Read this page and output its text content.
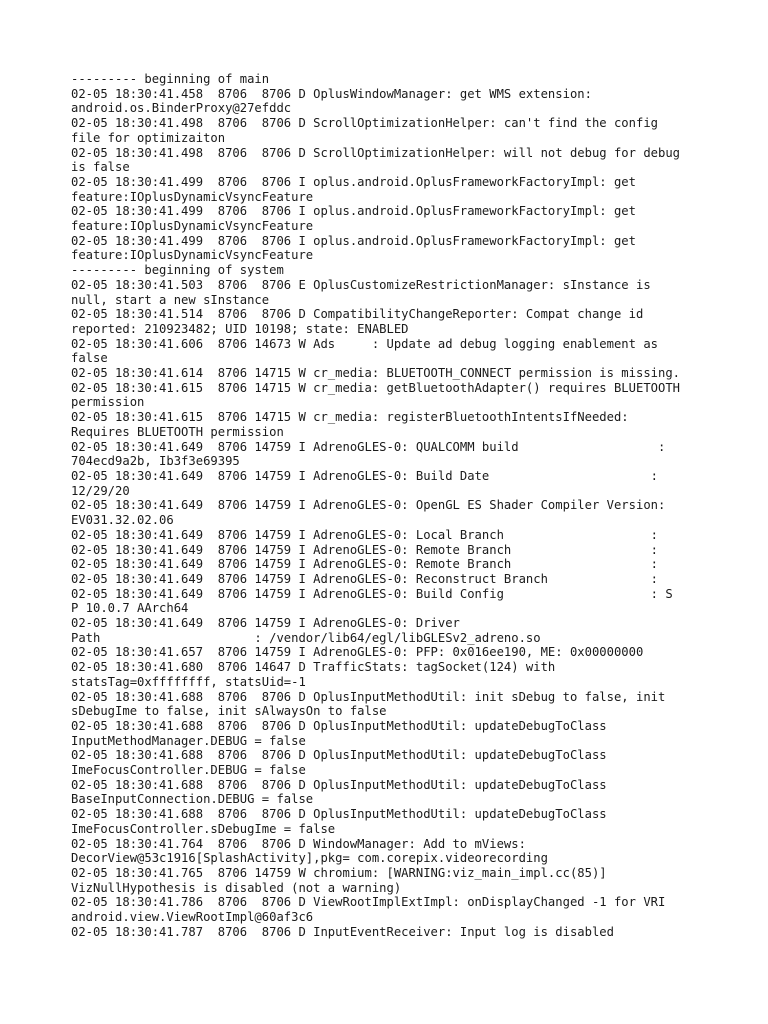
--------- beginning of main

02-05 18:30:41.458  8706  8706 D OplusWindowManager: get WMS extension:

android.os.BinderProxy@27efddc

02-05 18:30:41.498  8706  8706 D ScrollOptimizationHelper: can't find the config

file for optimizaiton

02-05 18:30:41.498  8706  8706 D ScrollOptimizationHelper: will not debug for debug

is false

02-05 18:30:41.499  8706  8706 I oplus.android.OplusFrameworkFactoryImpl: get

feature:IOplusDynamicVsyncFeature

02-05 18:30:41.499  8706  8706 I oplus.android.OplusFrameworkFactoryImpl: get

feature:IOplusDynamicVsyncFeature

02-05 18:30:41.499  8706  8706 I oplus.android.OplusFrameworkFactoryImpl: get

feature:IOplusDynamicVsyncFeature

--------- beginning of system

02-05 18:30:41.503  8706  8706 E OplusCustomizeRestrictionManager: sInstance is

null, start a new sInstance

02-05 18:30:41.514  8706  8706 D CompatibilityChangeReporter: Compat change id

reported: 210923482; UID 10198; state: ENABLED

02-05 18:30:41.606  8706 14673 W Ads     : Update ad debug logging enablement as

false

02-05 18:30:41.614  8706 14715 W cr_media: BLUETOOTH_CONNECT permission is missing.

02-05 18:30:41.615  8706 14715 W cr_media: getBluetoothAdapter() requires BLUETOOTH

permission

02-05 18:30:41.615  8706 14715 W cr_media: registerBluetoothIntentsIfNeeded:

Requires BLUETOOTH permission

02-05 18:30:41.649  8706 14759 I AdrenoGLES-0: QUALCOMM build                   :

704ecd9a2b, Ib3f3e69395

02-05 18:30:41.649  8706 14759 I AdrenoGLES-0: Build Date                      :

12/29/20

02-05 18:30:41.649  8706 14759 I AdrenoGLES-0: OpenGL ES Shader Compiler Version:

EV031.32.02.06

02-05 18:30:41.649  8706 14759 I AdrenoGLES-0: Local Branch                    :

02-05 18:30:41.649  8706 14759 I AdrenoGLES-0: Remote Branch                   :

02-05 18:30:41.649  8706 14759 I AdrenoGLES-0: Remote Branch                   :

02-05 18:30:41.649  8706 14759 I AdrenoGLES-0: Reconstruct Branch              :

02-05 18:30:41.649  8706 14759 I AdrenoGLES-0: Build Config                    : S

P 10.0.7 AArch64

02-05 18:30:41.649  8706 14759 I AdrenoGLES-0: Driver

Path                     : /vendor/lib64/egl/libGLESv2_adreno.so

02-05 18:30:41.657  8706 14759 I AdrenoGLES-0: PFP: 0x016ee190, ME: 0x00000000

02-05 18:30:41.680  8706 14647 D TrafficStats: tagSocket(124) with

statsTag=0xffffffff, statsUid=-1

02-05 18:30:41.688  8706  8706 D OplusInputMethodUtil: init sDebug to false, init

sDebugIme to false, init sAlwaysOn to false

02-05 18:30:41.688  8706  8706 D OplusInputMethodUtil: updateDebugToClass

InputMethodManager.DEBUG = false

02-05 18:30:41.688  8706  8706 D OplusInputMethodUtil: updateDebugToClass

ImeFocusController.DEBUG = false

02-05 18:30:41.688  8706  8706 D OplusInputMethodUtil: updateDebugToClass

BaseInputConnection.DEBUG = false

02-05 18:30:41.688  8706  8706 D OplusInputMethodUtil: updateDebugToClass

ImeFocusController.sDebugIme = false

02-05 18:30:41.764  8706  8706 D WindowManager: Add to mViews:

DecorView@53c1916[SplashActivity],pkg= com.corepix.videorecording

02-05 18:30:41.765  8706 14759 W chromium: [WARNING:viz_main_impl.cc(85)]

VizNullHypothesis is disabled (not a warning)

02-05 18:30:41.786  8706  8706 D ViewRootImplExtImpl: onDisplayChanged -1 for VRI

android.view.ViewRootImpl@60af3c6

02-05 18:30:41.787  8706  8706 D InputEventReceiver: Input log is disabled
